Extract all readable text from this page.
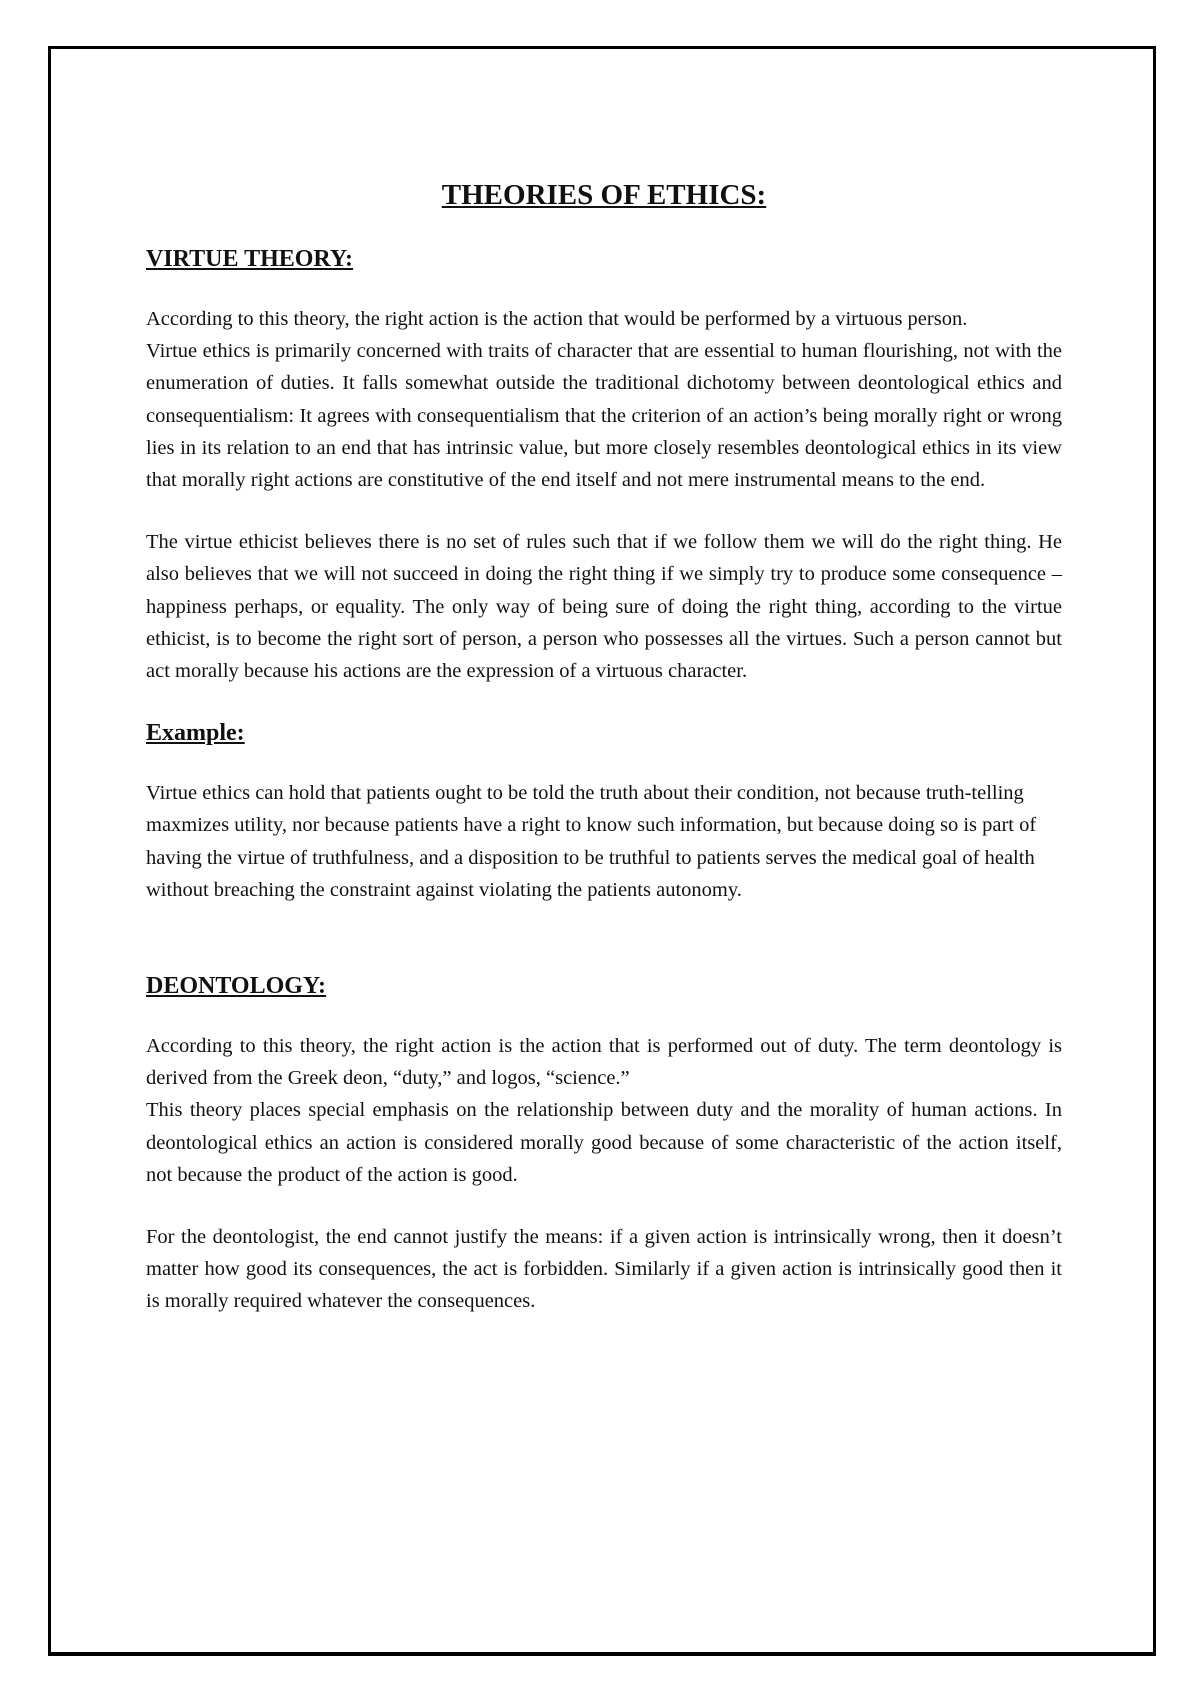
THEORIES OF ETHICS:
VIRTUE THEORY:

According to this theory, the right action is the action that would be performed by a virtuous person.

Virtue ethics is primarily concerned with traits of character that are essential to human flourishing, not with the enumeration of duties. It falls somewhat outside the traditional dichotomy between deontological ethics and consequentialism: It agrees with consequentialism that the criterion of an action’s being morally right or wrong lies in its relation to an end that has intrinsic value, but more closely resembles deontological ethics in its view that morally right actions are constitutive of the end itself and not mere instrumental means to the end.

The virtue ethicist believes there is no set of rules such that if we follow them we will do the right thing. He also believes that we will not succeed in doing the right thing if we simply try to produce some consequence – happiness perhaps, or equality. The only way of being sure of doing the right thing, according to the virtue ethicist, is to become the right sort of person, a person who possesses all the virtues. Such a person cannot but act morally because his actions are the expression of a virtuous character.

Example:

Virtue ethics can hold that patients ought to be told the truth about their condition, not because truth-telling maxmizes utility, nor because patients have a right to know such information, but because doing so is part of having the virtue of truthfulness, and a disposition to be truthful to patients serves the medical goal of health without breaching the constraint against violating the patients autonomy.

DEONTOLOGY:

According to this theory, the right action is the action that is performed out of duty. The term deontology is derived from the Greek deon, “duty,” and logos, “science.”

This theory places special emphasis on the relationship between duty and the morality of human actions. In deontological ethics an action is considered morally good because of some characteristic of the action itself, not because the product of the action is good.

For the deontologist, the end cannot justify the means: if a given action is intrinsically wrong, then it doesn’t matter how good its consequences, the act is forbidden. Similarly if a given action is intrinsically good then it is morally required whatever the consequences.
